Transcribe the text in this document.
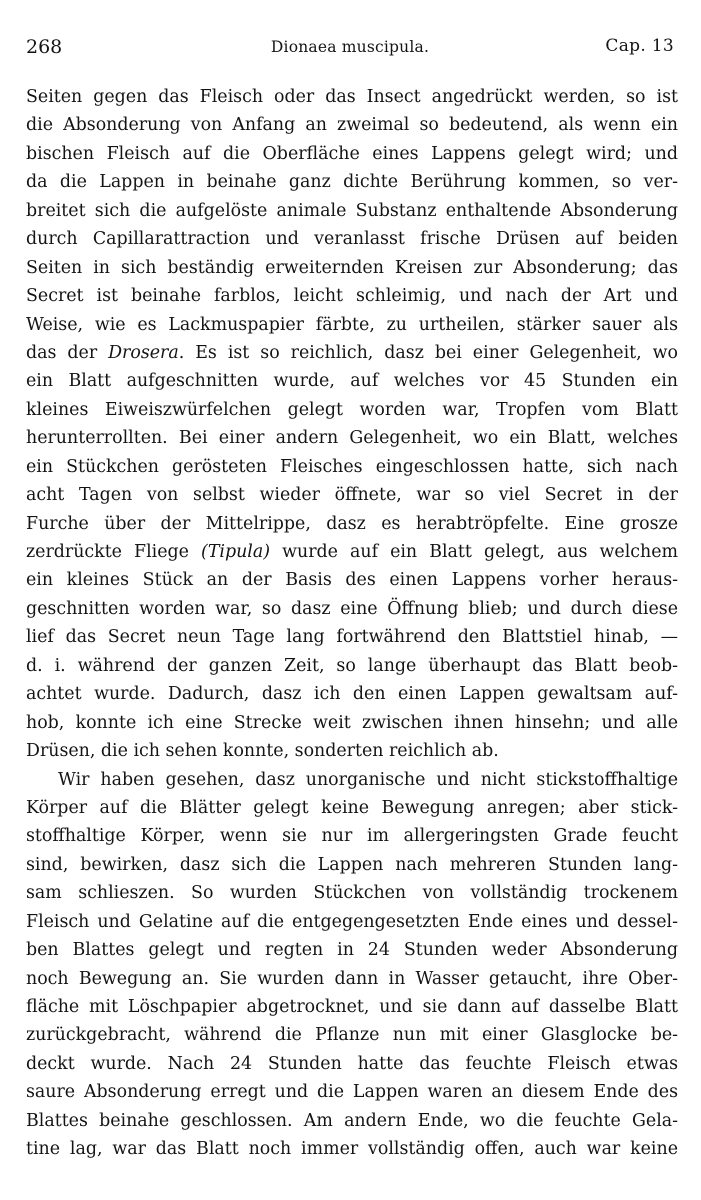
268	Dionaea muscipula.	Cap. 13
Seiten gegen das Fleisch oder das Insect angedrückt werden, so ist
die Absonderung von Anfang an zweimal so bedeutend, als wenn ein
bischen Fleisch auf die Oberfläche eines Lappens gelegt wird; und
da die Lappen in beinahe ganz dichte Berührung kommen, so ver-
breitet sich die aufgelöste animale Substanz enthaltende Absonderung
durch Capillarattraction und veranlasst frische Drüsen auf beiden
Seiten in sich beständig erweiternden Kreisen zur Absonderung; das
Secret ist beinahe farblos, leicht schleimig, und nach der Art und
Weise, wie es Lackmuspapier färbte, zu urtheilen, stärker sauer als
das der Drosera. Es ist so reichlich, dasz bei einer Gelegenheit, wo
ein Blatt aufgeschnitten wurde, auf welches vor 45 Stunden ein
kleines Eiweiszwürfelchen gelegt worden war, Tropfen vom Blatt
herunterrollten. Bei einer andern Gelegenheit, wo ein Blatt, welches
ein Stückchen gerösteten Fleisches eingeschlossen hatte, sich nach
acht Tagen von selbst wieder öffnete, war so viel Secret in der
Furche über der Mittelrippe, dasz es herabtröpfelte. Eine grosze
zerdrückte Fliege (Tipula) wurde auf ein Blatt gelegt, aus welchem
ein kleines Stück an der Basis des einen Lappens vorher heraus-
geschnitten worden war, so dasz eine Öffnung blieb; und durch diese
lief das Secret neun Tage lang fortwährend den Blattstiel hinab, —
d. i. während der ganzen Zeit, so lange überhaupt das Blatt beob-
achtet wurde. Dadurch, dasz ich den einen Lappen gewaltsam auf-
hob, konnte ich eine Strecke weit zwischen ihnen hinsehn; und alle
Drüsen, die ich sehen konnte, sonderten reichlich ab.
Wir haben gesehen, dasz unorganische und nicht stickstoffhaltige
Körper auf die Blätter gelegt keine Bewegung anregen; aber stick-
stoffhaltige Körper, wenn sie nur im allergeringsten Grade feucht
sind, bewirken, dasz sich die Lappen nach mehreren Stunden lang-
sam schlieszen. So wurden Stückchen von vollständig trockenem
Fleisch und Gelatine auf die entgegengesetzten Ende eines und dessel-
ben Blattes gelegt und regten in 24 Stunden weder Absonderung
noch Bewegung an. Sie wurden dann in Wasser getaucht, ihre Ober-
fläche mit Löschpapier abgetrocknet, und sie dann auf dasselbe Blatt
zurückgebracht, während die Pflanze nun mit einer Glasglocke be-
deckt wurde. Nach 24 Stunden hatte das feuchte Fleisch etwas
saure Absonderung erregt und die Lappen waren an diesem Ende des
Blattes beinahe geschlossen. Am andern Ende, wo die feuchte Gela-
tine lag, war das Blatt noch immer vollständig offen, auch war keine
